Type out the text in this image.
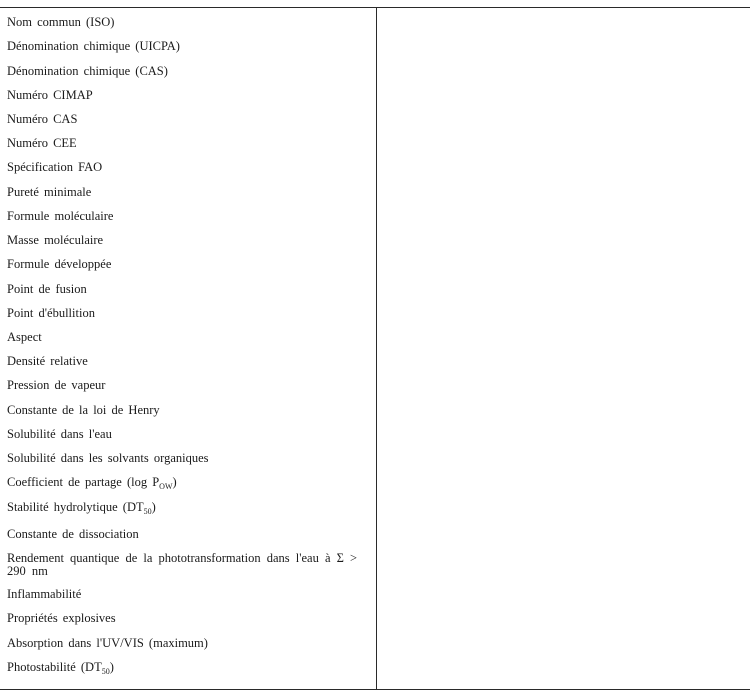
Nom commun (ISO)
Dénomination chimique (UICPA)
Dénomination chimique (CAS)
Numéro CIMAP
Numéro CAS
Numéro CEE
Spécification FAO
Pureté minimale
Formule moléculaire
Masse moléculaire
Formule développée
Point de fusion
Point d'ébullition
Aspect
Densité relative
Pression de vapeur
Constante de la loi de Henry
Solubilité dans l'eau
Solubilité dans les solvants organiques
Coefficient de partage (log $P_{OW}$)
Stabilité hydrolytique $(DT_{50})$
Constante de dissociation
Rendement quantique de la phototransformation dans l'eau à Σ > 290 nm
Inflammabilité
Propriétés explosives
Absorption dans l'UV/VIS (maximum)
Photostabilité $(DT_{50})$
